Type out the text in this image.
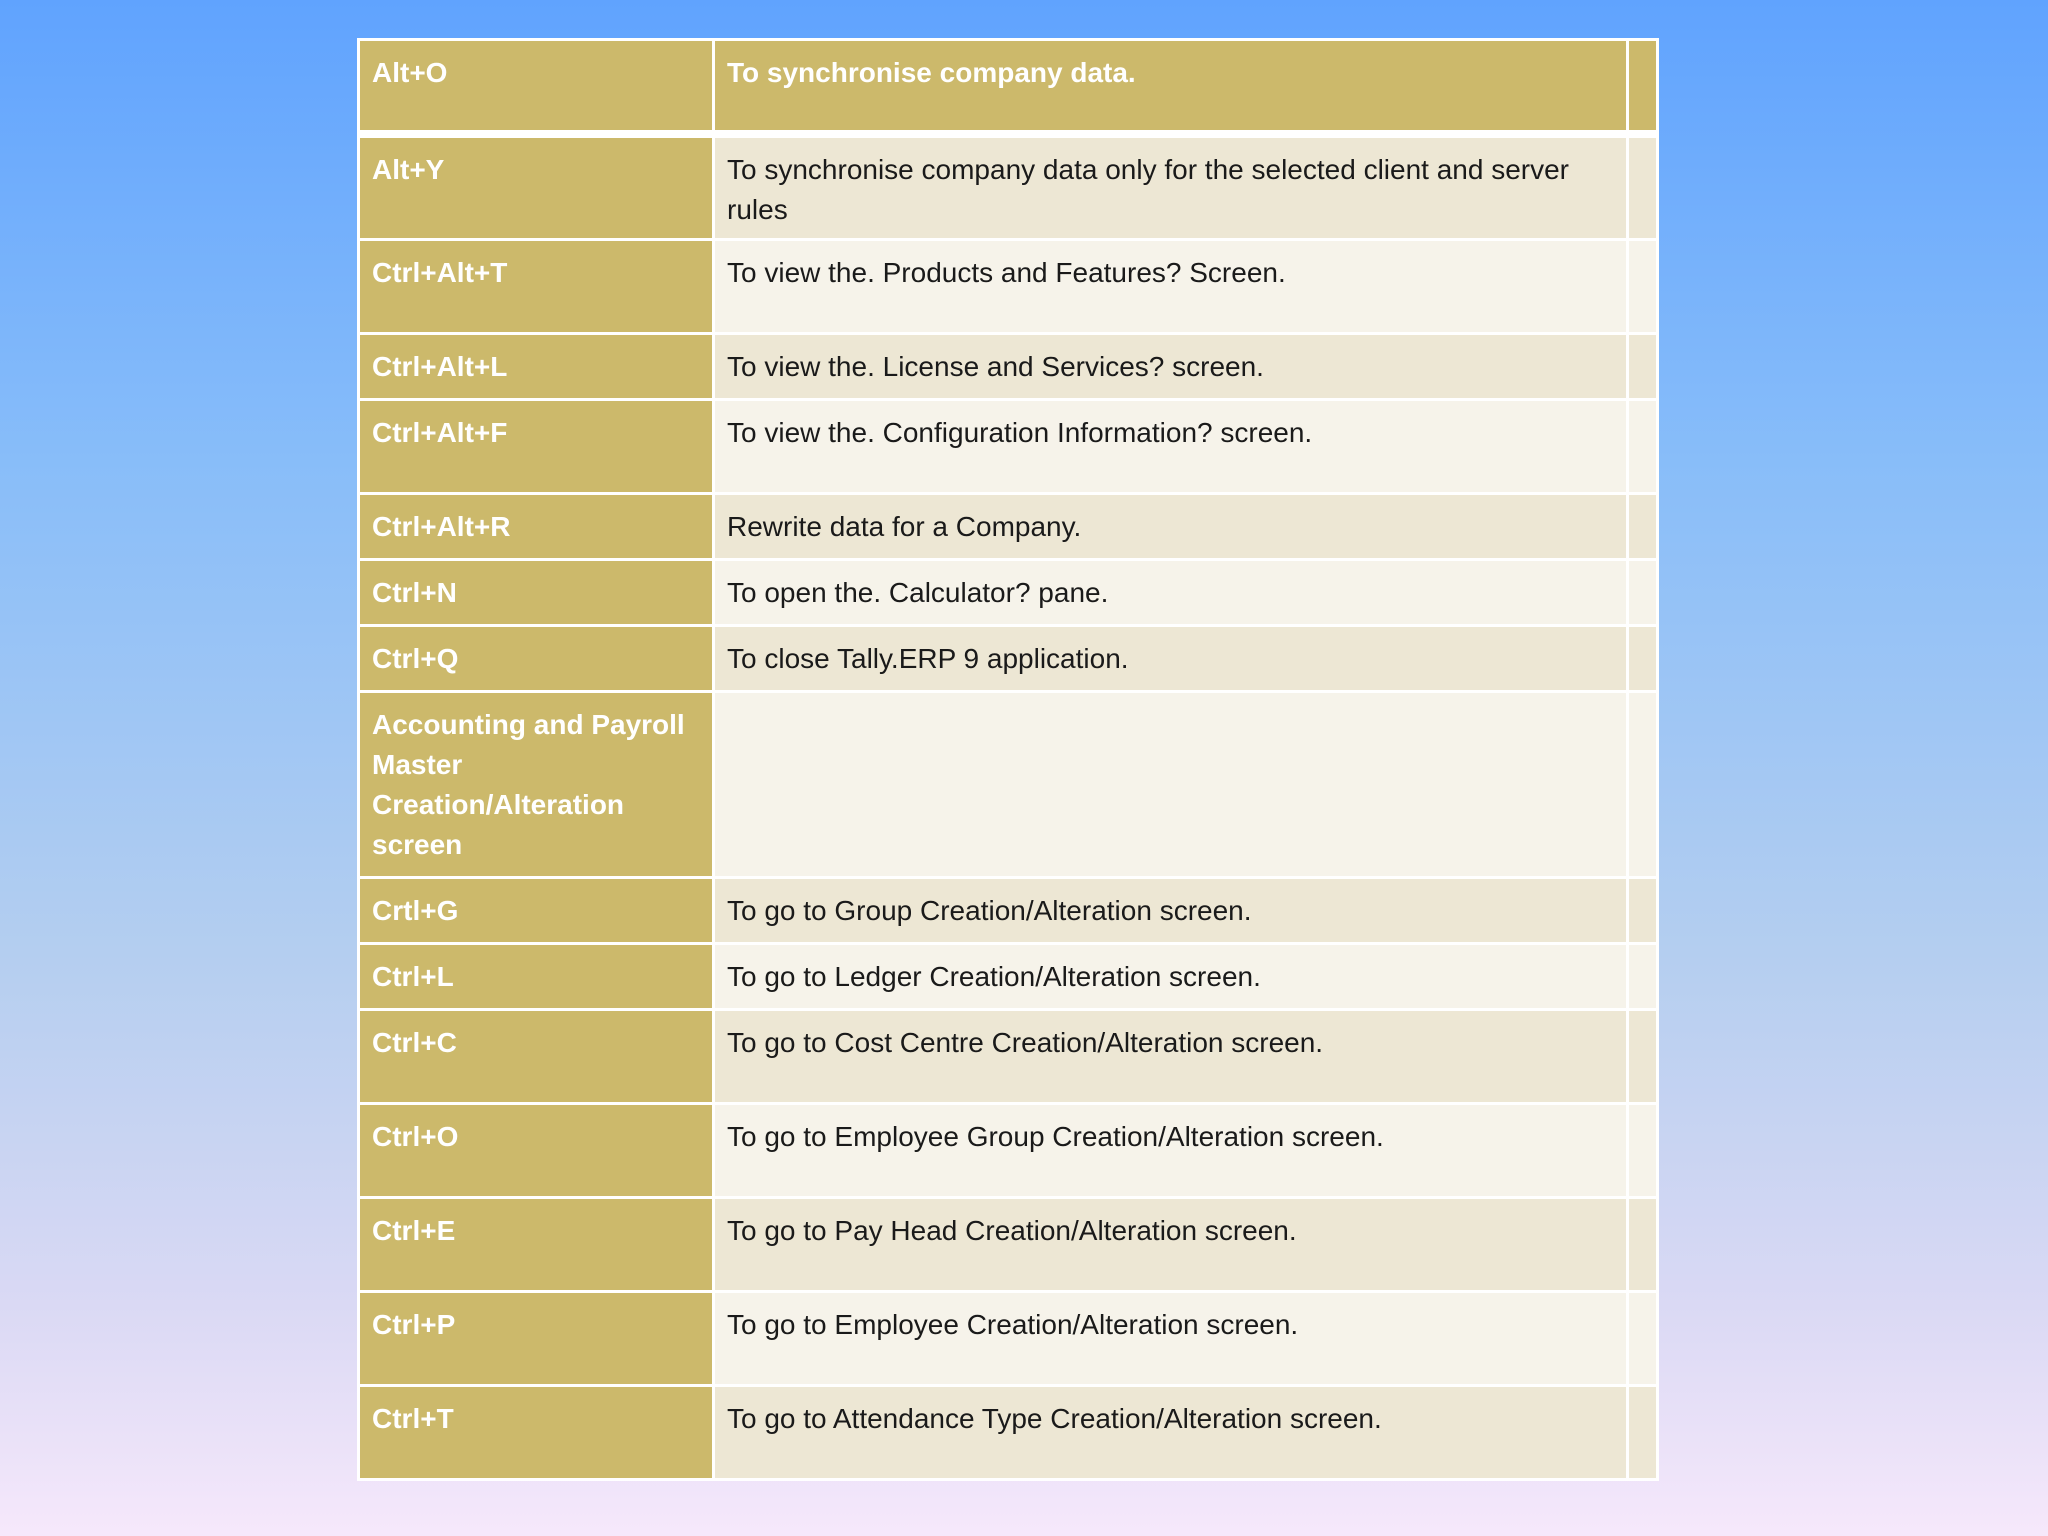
Alt+O	To synchronise company data.	
Alt+Y	To synchronise company data only for the selected client and server rules	
Ctrl+Alt+T	To view the. Products and Features? Screen.	
Ctrl+Alt+L	To view the. License and Services? screen.	
Ctrl+Alt+F	To view the. Configuration Information? screen.	
Ctrl+Alt+R	Rewrite data for a Company.	
Ctrl+N	To open the. Calculator? pane.	
Ctrl+Q	To close Tally.ERP 9 application.	
Accounting and Payroll Master Creation/Alteration screen		
Crtl+G	To go to Group Creation/Alteration screen.	
Ctrl+L	To go to Ledger Creation/Alteration screen.	
Ctrl+C	To go to Cost Centre Creation/Alteration screen.	
Ctrl+O	To go to Employee Group Creation/Alteration screen.	
Ctrl+E	To go to Pay Head Creation/Alteration screen.	
Ctrl+P	To go to Employee Creation/Alteration screen.	
Ctrl+T	To go to Attendance Type Creation/Alteration screen.	
